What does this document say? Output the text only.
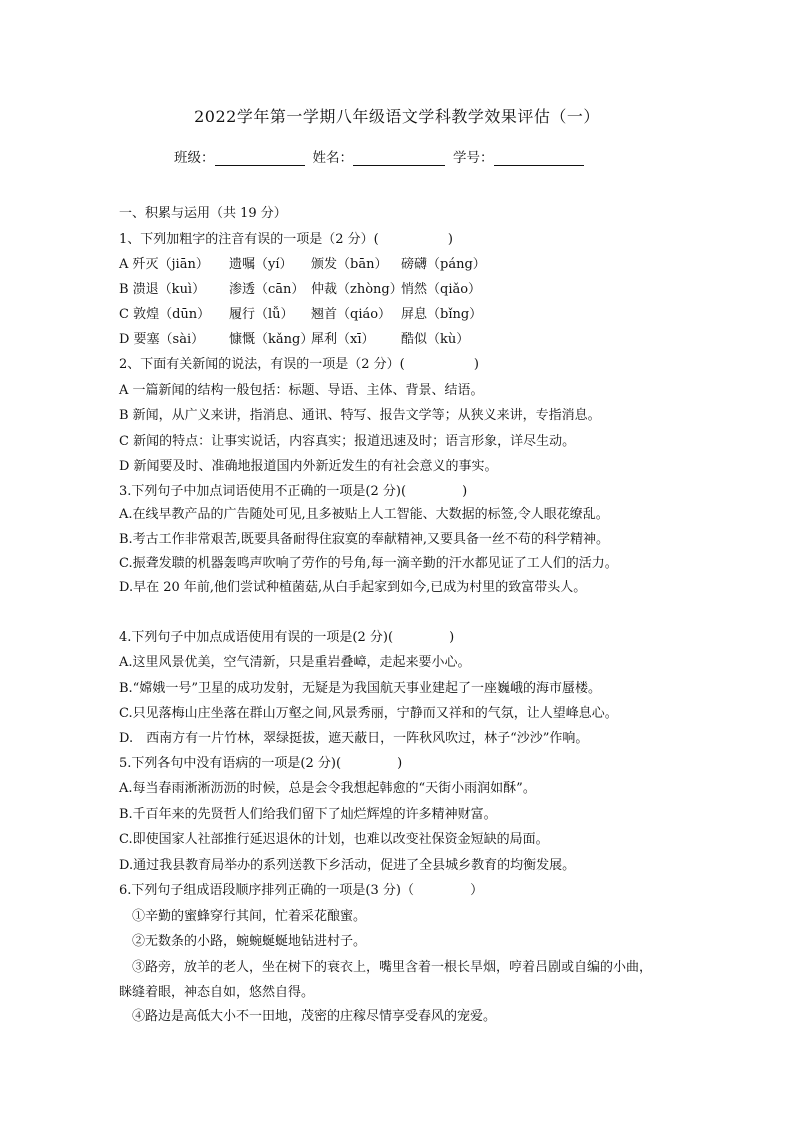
2022学年第一学期八年级语文学科教学效果评估（一）
班级：	姓名：	学号：
一、积累与运用（共 19 分）
1、下列加粗字的注音有误的一项是（2 分）(　　　　　 )
A 歼灭（jiān） 遗嘱（yí） 颁发（bān） 磅礴（páng）
B 溃退（kuì） 渗透（cān） 仲裁（zhòng）悄然（qiǎo）
C 敦煌（dūn） 履行（lǚ） 翘首（qiáo） 屏息（bǐng）
D 要塞（sài） 慷慨（kǎng）犀利（xī） 酷似（kù）
2、下面有关新闻的说法，有误的一项是（2 分）(　　　　　 )
A 一篇新闻的结构一般包括：标题、导语、主体、背景、结语。
B 新闻，从广义来讲，指消息、通讯、特写、报告文学等；从狭义来讲，专指消息。
C 新闻的特点：让事实说话，内容真实；报道迅速及时；语言形象，详尽生动。
D 新闻要及时、准确地报道国内外新近发生的有社会意义的事实。
3.下列句子中加点词语使用不正确的一项是(2 分)(　　　　 )
A.在线早教产品的广告随处可见,且多被贴上人工智能、大数据的标签,令人眼花缭乱。
B.考古工作非常艰苦,既要具备耐得住寂寞的奉献精神,又要具备一丝不苟的科学精神。
C.振聋发聩的机器轰鸣声吹响了劳作的号角,每一滴辛勤的汗水都见证了工人们的活力。
D.早在 20 年前,他们尝试种植菌菇,从白手起家到如今,已成为村里的致富带头人。
4.下列句子中加点成语使用有误的一项是(2 分)(　　　　 )
A.这里风景优美，空气清新，只是重岩叠嶂，走起来要小心。
B.“嫦娥一号”卫星的成功发射，无疑是为我国航天事业建起了一座巍峨的海市蜃楼。
C.只见落梅山庄坐落在群山万壑之间,风景秀丽，宁静而又祥和的气氛，让人望峰息心。
D.　西南方有一片竹林，翠绿挺拔，遮天蔽日，一阵秋风吹过，林子“沙沙”作响。
5.下列各句中没有语病的一项是(2 分)(　　　　 )
A.每当春雨淅淅沥沥的时候，总是会令我想起韩愈的“天街小雨润如酥”。
B.千百年来的先贤哲人们给我们留下了灿烂辉煌的许多精神财富。
C.即使国家人社部推行延迟退休的计划，也难以改变社保资金短缺的局面。
D.通过我县教育局举办的系列送教下乡活动，促进了全县城乡教育的均衡发展。
6.下列句子组成语段顺序排列正确的一项是(3 分)（　　　　 ）
　①辛勤的蜜蜂穿行其间，忙着采花酿蜜。
　②无数条的小路，蜿蜿蜒蜒地钻进村子。
　③路旁，放羊的老人，坐在树下的衰衣上，嘴里含着一根长旱烟，哼着吕剧或自编的小曲，
眯缝着眼，神态自如，悠然自得。
　④路边是高低大小不一田地，茂密的庄稼尽情享受春风的宠爱。
